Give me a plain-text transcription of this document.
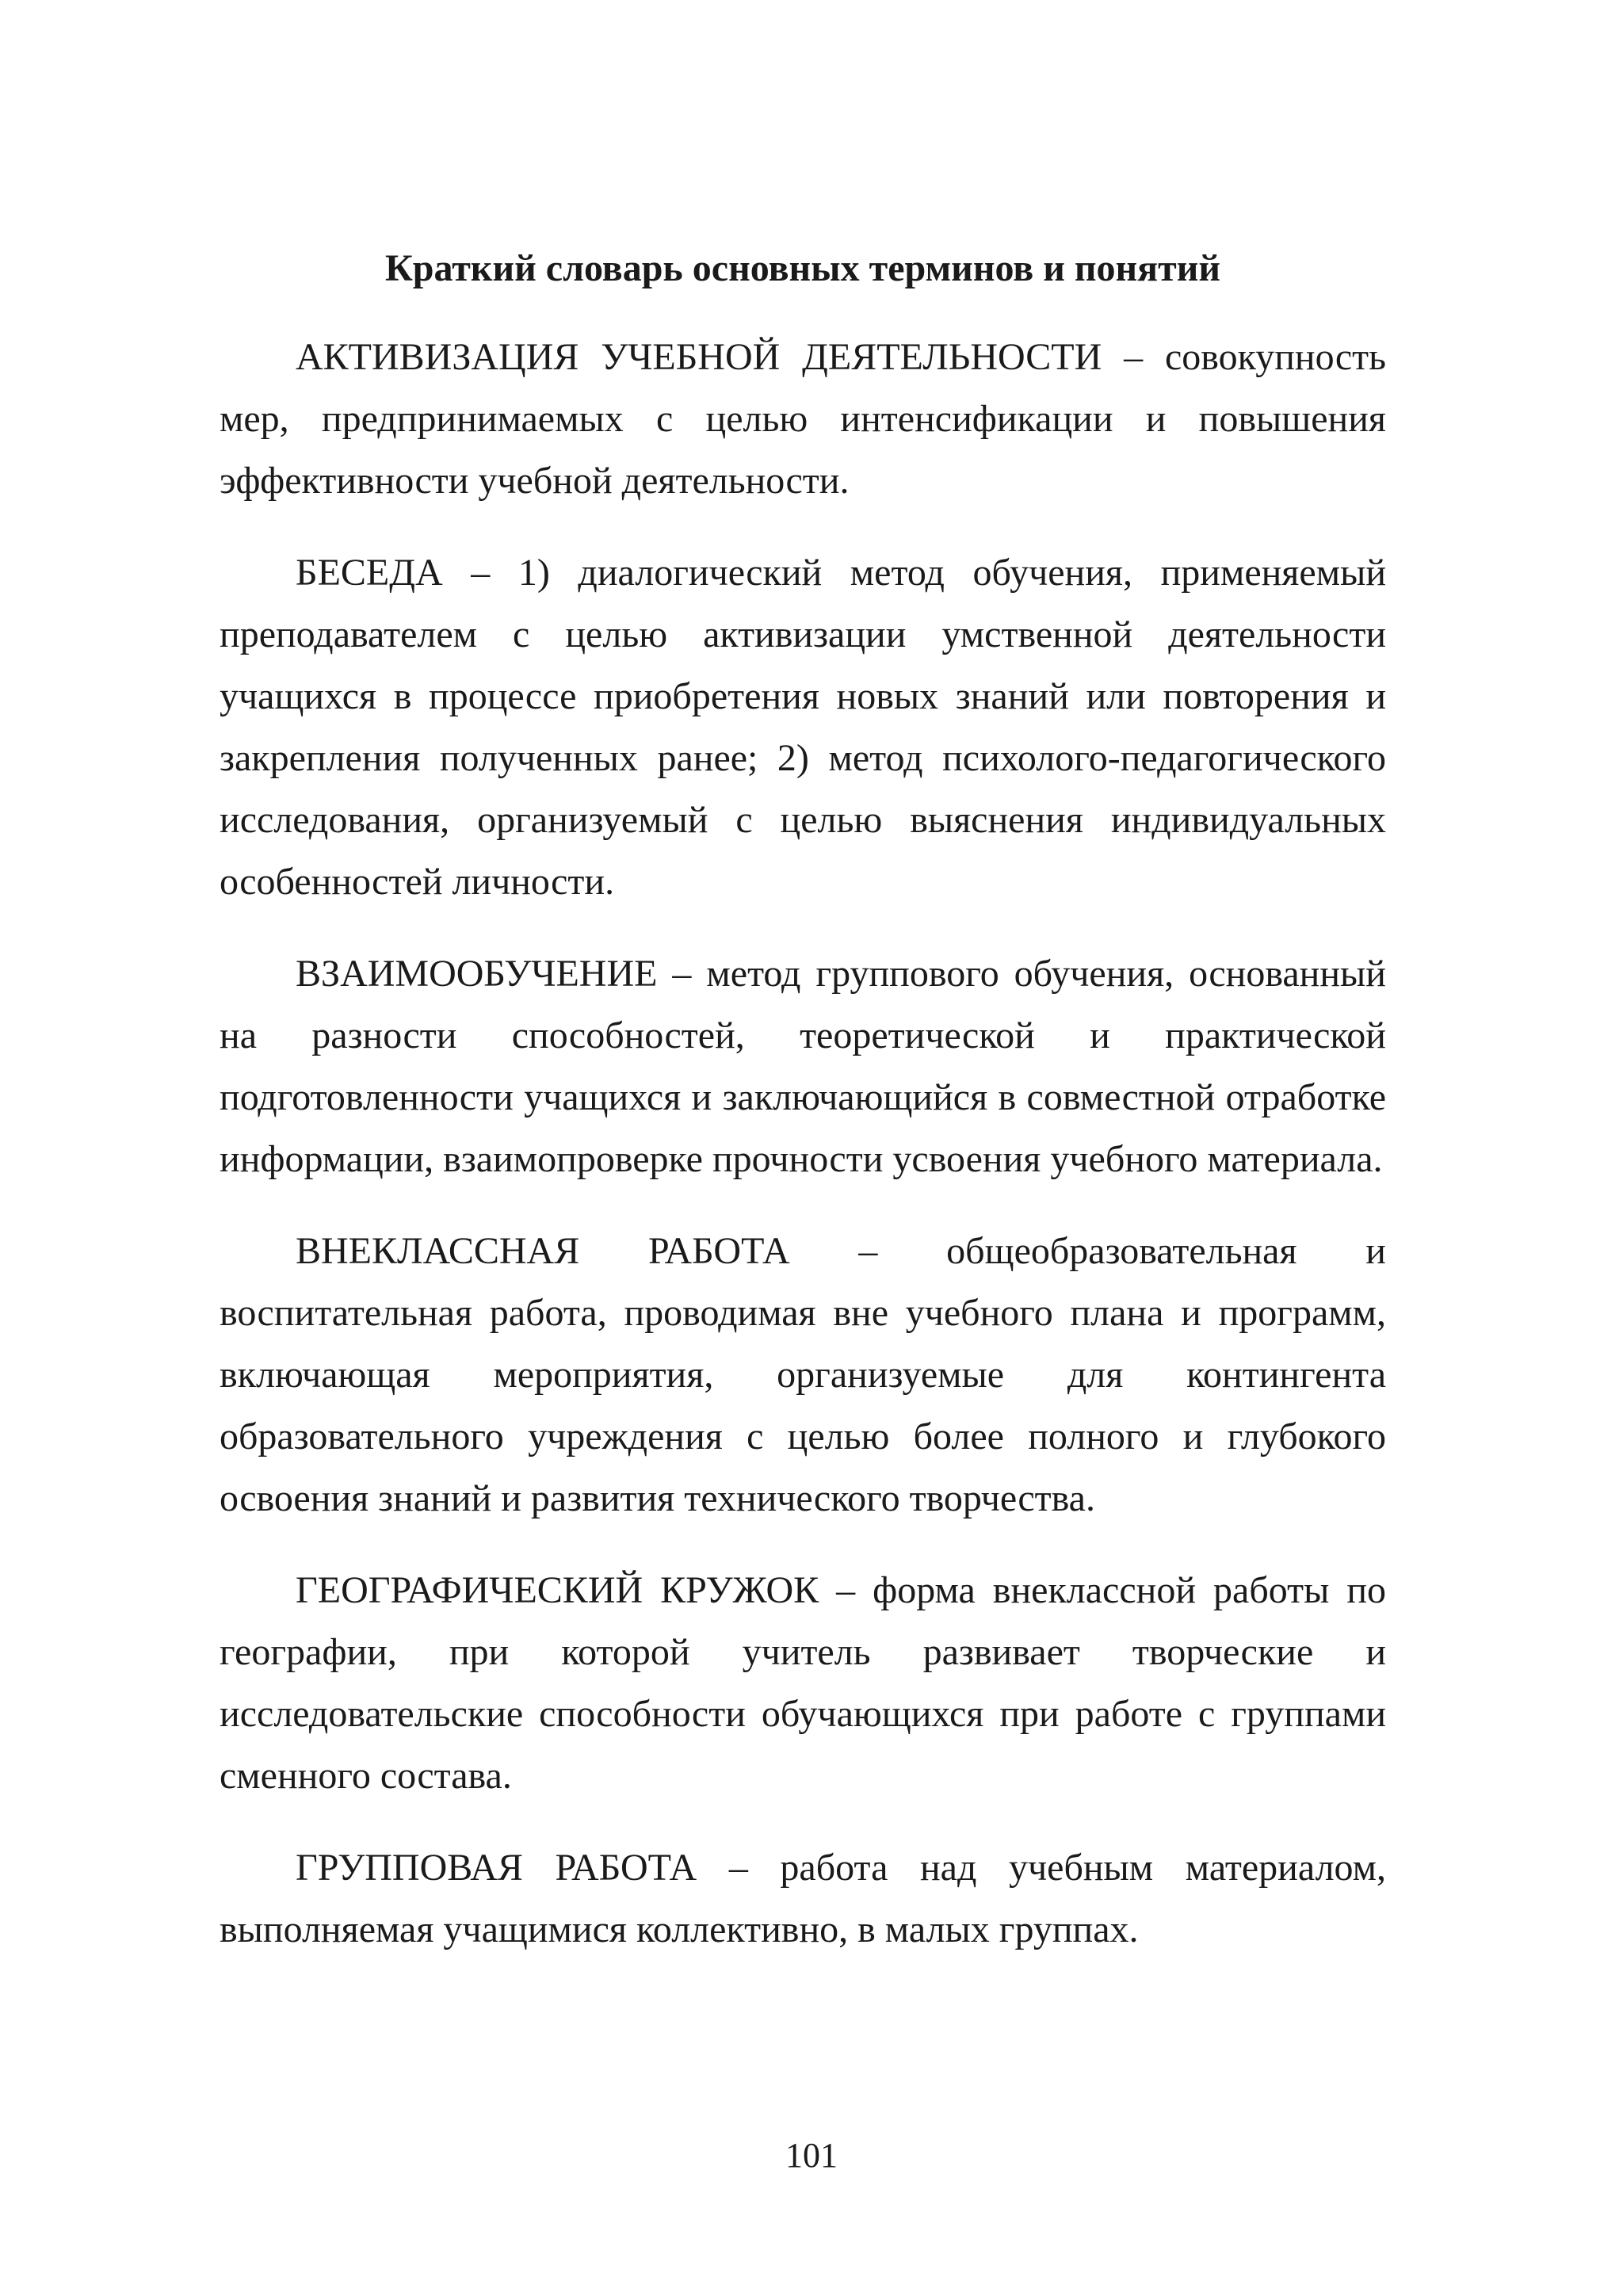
Краткий словарь основных терминов и понятий

АКТИВИЗАЦИЯ УЧЕБНОЙ ДЕЯТЕЛЬНОСТИ – совокупность мер, предпринимаемых с целью интенсификации и повышения эффективности учебной деятельности.

БЕСЕДА – 1) диалогический метод обучения, применяемый преподавателем с целью активизации умственной деятельности учащихся в процессе приобретения новых знаний или повторения и закрепления полученных ранее; 2) метод психолого-педагогического исследования, организуемый с целью выяснения индивидуальных особенностей личности.

ВЗАИМООБУЧЕНИЕ – метод группового обучения, основанный на разности способностей, теоретической и практической подготовленности учащихся и заключающийся в совместной отработке информации, взаимопроверке прочности усвоения учебного материала.

ВНЕКЛАССНАЯ РАБОТА – общеобразовательная и воспитательная работа, проводимая вне учебного плана и программ, включающая мероприятия, организуемые для контингента образовательного учреждения с целью более полного и глубокого освоения знаний и развития технического творчества.

ГЕОГРАФИЧЕСКИЙ КРУЖОК – форма внеклассной работы по географии, при которой учитель развивает творческие и исследовательские способности обучающихся при работе с группами сменного состава.

ГРУППОВАЯ РАБОТА – работа над учебным материалом, выполняемая учащимися коллективно, в малых группах.

101
